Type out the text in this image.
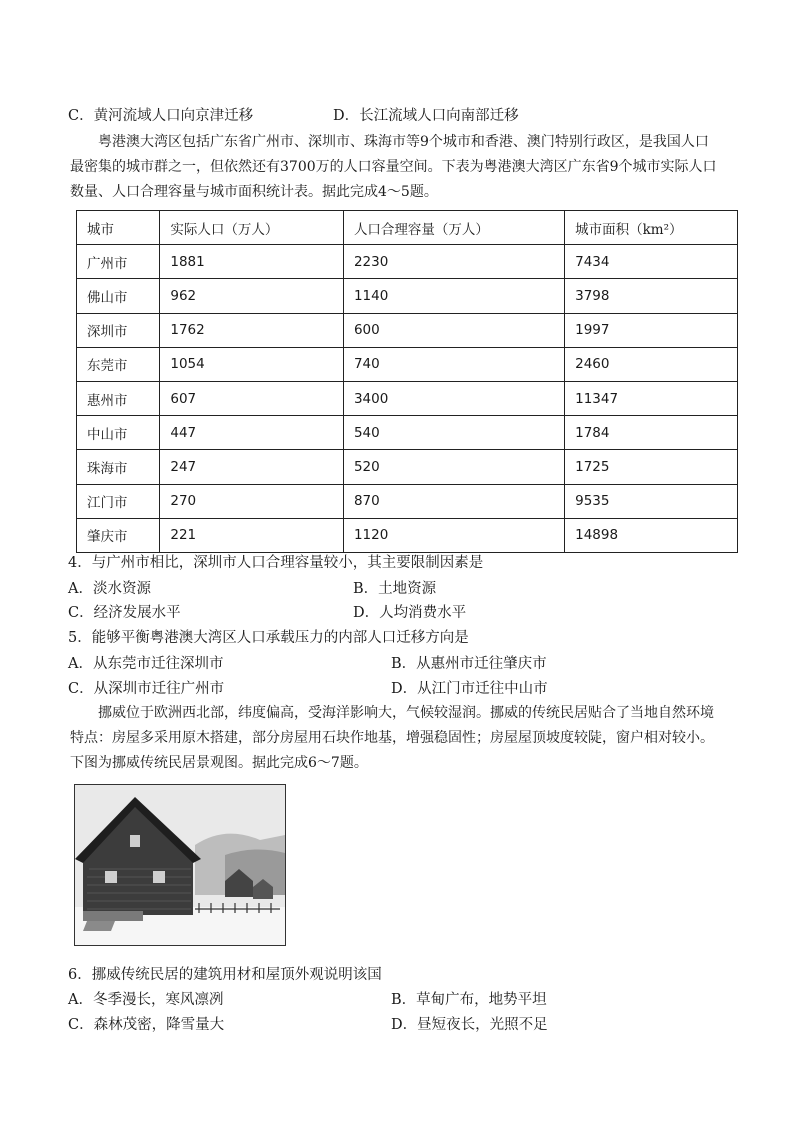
C．黄河流域人口向京津迁移	D．长江流域人口向南部迁移

粤港澳大湾区包括广东省广州市、深圳市、珠海市等9个城市和香港、澳门特别行政区，是我国人口

最密集的城市群之一，但依然还有3700万的人口容量空间。下表为粤港澳大湾区广东省9个城市实际人口

数量、人口合理容量与城市面积统计表。据此完成4～5题。

城市	实际人口（万人）	人口合理容量（万人）	城市面积（km²）
广州市	1881	2230	7434
佛山市	962	1140	3798
深圳市	1762	600	1997
东莞市	1054	740	2460
惠州市	607	3400	11347
中山市	447	540	1784
珠海市	247	520	1725
江门市	270	870	9535
肇庆市	221	1120	14898
4．与广州市相比，深圳市人口合理容量较小，其主要限制因素是
A．淡水资源	B．土地资源
C．经济发展水平	D．人均消费水平
5．能够平衡粤港澳大湾区人口承载压力的内部人口迁移方向是
A．从东莞市迁往深圳市	B．从惠州市迁往肇庆市
C．从深圳市迁往广州市	D．从江门市迁往中山市

挪威位于欧洲西北部，纬度偏高，受海洋影响大，气候较湿润。挪威的传统民居贴合了当地自然环境

特点：房屋多采用原木搭建，部分房屋用石块作地基，增强稳固性；房屋屋顶坡度较陡，窗户相对较小。

下图为挪威传统民居景观图。据此完成6～7题。

6．挪威传统民居的建筑用材和屋顶外观说明该国
A．冬季漫长，寒风凛冽	B．草甸广布，地势平坦
C．森林茂密，降雪量大	D．昼短夜长，光照不足
